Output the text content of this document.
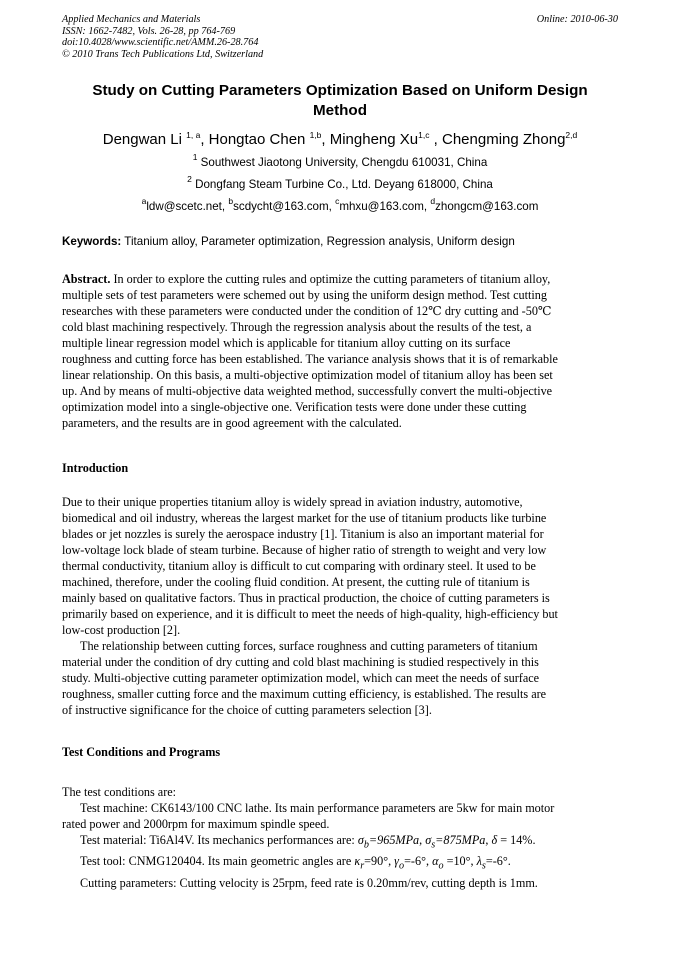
Applied Mechanics and Materials
ISSN: 1662-7482, Vols. 26-28, pp 764-769
doi:10.4028/www.scientific.net/AMM.26-28.764
© 2010 Trans Tech Publications Ltd, Switzerland
Online: 2010-06-30
Study on Cutting Parameters Optimization Based on Uniform Design
Method
Dengwan Li $^{1, a}$, Hongtao Chen $^{1,b}$, Mingheng Xu$^{1,c}$ , Chengming Zhong$^{2,d}$
$^1$ Southwest Jiaotong University, Chengdu 610031, China
$^2$ Dongfang Steam Turbine Co., Ltd. Deyang 618000, China
$^a$ldw@scetc.net, $^b$scdycht@163.com, $^c$mhxu@163.com, $^d$zhongcm@163.com
Keywords: Titanium alloy, Parameter optimization, Regression analysis, Uniform design
Abstract. In order to explore the cutting rules and optimize the cutting parameters of titanium alloy,
multiple sets of test parameters were schemed out by using the uniform design method. Test cutting
researches with these parameters were conducted under the condition of 12℃ dry cutting and -50℃
cold blast machining respectively. Through the regression analysis about the results of the test, a
multiple linear regression model which is applicable for titanium alloy cutting on its surface
roughness and cutting force has been established. The variance analysis shows that it is of remarkable
linear relationship. On this basis, a multi-objective optimization model of titanium alloy has been set
up. And by means of multi-objective data weighted method, successfully convert the multi-objective
optimization model into a single-objective one. Verification tests were done under these cutting
parameters, and the results are in good agreement with the calculated.
Introduction
Due to their unique properties titanium alloy is widely spread in aviation industry, automotive,
biomedical and oil industry, whereas the largest market for the use of titanium products like turbine
blades or jet nozzles is surely the aerospace industry [1]. Titanium is also an important material for
low-voltage lock blade of steam turbine. Because of higher ratio of strength to weight and very low
thermal conductivity, titanium alloy is difficult to cut comparing with ordinary steel. It used to be
machined, therefore, under the cooling fluid condition. At present, the cutting rule of titanium is
mainly based on qualitative factors. Thus in practical production, the choice of cutting parameters is
primarily based on experience, and it is difficult to meet the needs of high-quality, high-efficiency but
low-cost production [2].
The relationship between cutting forces, surface roughness and cutting parameters of titanium
material under the condition of dry cutting and cold blast machining is studied respectively in this
study. Multi-objective cutting parameter optimization model, which can meet the needs of surface
roughness, smaller cutting force and the maximum cutting efficiency, is established. The results are
of instructive significance for the choice of cutting parameters selection [3].
Test Conditions and Programs
The test conditions are:
Test machine: CK6143/100 CNC lathe. Its main performance parameters are 5kw for main motor
rated power and 2000rpm for maximum spindle speed.
Test material: Ti6Al4V. Its mechanics performances are: $\sigma_b=965MPa$, $\sigma_s=875MPa$, δ = 14%.
Test tool: CNMG120404. Its main geometric angles are $\kappa_r=90^\circ$, $\gamma_o=-6^\circ$, $\alpha_o =10^\circ$, $\lambda_s=-6^\circ$.
Cutting parameters: Cutting velocity is 25rpm, feed rate is 0.20mm/rev, cutting depth is 1mm.
